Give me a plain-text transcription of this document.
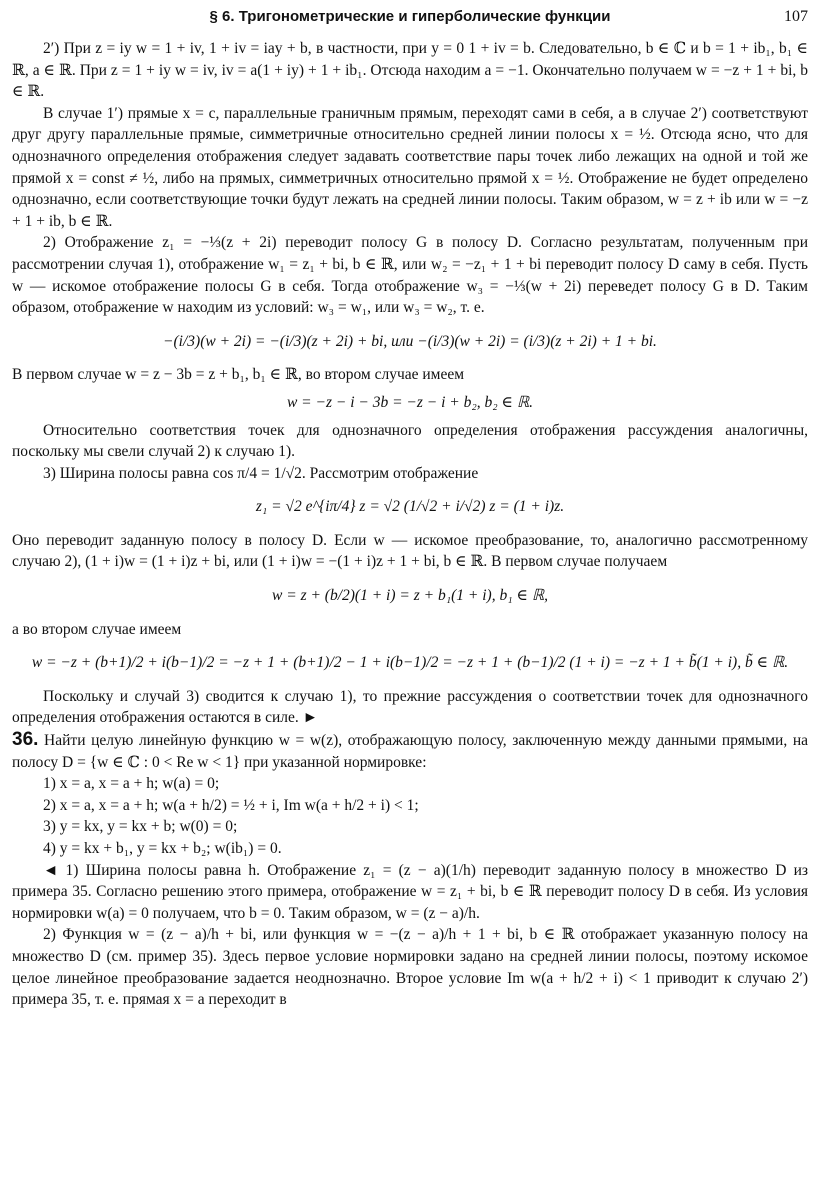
§ 6. Тригонометрические и гиперболические функции	107

2′) При z = iy w = 1 + iv, 1 + iv = iay + b, в частности, при y = 0 1 + iv = b. Следовательно, b ∈ ℂ и b = 1 + ib₁, b₁ ∈ ℝ, a ∈ ℝ. При z = 1 + iy w = iv, iv = a(1 + iy) + 1 + ib₁. Отсюда находим a = −1. Окончательно получаем w = −z + 1 + bi, b ∈ ℝ.

В случае 1′) прямые x = c, параллельные граничным прямым, переходят сами в себя, а в случае 2′) соответствуют друг другу параллельные прямые, симметричные относительно средней линии полосы x = ½. Отсюда ясно, что для однозначного определения отображения следует задавать соответствие пары точек либо лежащих на одной и той же прямой x = const ≠ ½, либо на прямых, симметричных относительно прямой x = ½. Отображение не будет определено однозначно, если соответствующие точки будут лежать на средней линии полосы. Таким образом, w = z + ib или w = −z + 1 + ib, b ∈ ℝ.

2) Отображение z₁ = −⅓(z + 2i) переводит полосу G в полосу D. Согласно результатам, полученным при рассмотрении случая 1), отображение w₁ = z₁ + bi, b ∈ ℝ, или w₂ = −z₁ + 1 + bi переводит полосу D саму в себя. Пусть w — искомое отображение полосы G в себя. Тогда отображение w₃ = −⅓(w + 2i) переведет полосу G в D. Таким образом, отображение w находим из условий: w₃ = w₁, или w₃ = w₂, т. е.

−(i/3)(w + 2i) = −(i/3)(z + 2i) + bi, или −(i/3)(w + 2i) = (i/3)(z + 2i) + 1 + bi.

В первом случае w = z − 3b = z + b₁, b₁ ∈ ℝ, во втором случае имеем

w = −z − i − 3b = −z − i + b₂, b₂ ∈ ℝ.

Относительно соответствия точек для однозначного определения отображения рассуждения аналогичны, поскольку мы свели случай 2) к случаю 1).

3) Ширина полосы равна cos π/4 = 1/√2. Рассмотрим отображение

z₁ = √2 e^{iπ/4} z = √2 (1/√2 + i/√2) z = (1 + i)z.

Оно переводит заданную полосу в полосу D. Если w — искомое преобразование, то, аналогично рассмотренному случаю 2), (1 + i)w = (1 + i)z + bi, или (1 + i)w = −(1 + i)z + 1 + bi, b ∈ ℝ. В первом случае получаем

w = z + (b/2)(1 + i) = z + b₁(1 + i), b₁ ∈ ℝ,

а во втором случае имеем

w = −z + (b+1)/2 + i(b−1)/2 = −z + 1 + (b+1)/2 − 1 + i(b−1)/2 = −z + 1 + (b−1)/2 (1 + i) = −z + 1 + b̃(1 + i), b̃ ∈ ℝ.

Поскольку и случай 3) сводится к случаю 1), то прежние рассуждения о соответствии точек для однозначного определения отображения остаются в силе. ►

36. Найти целую линейную функцию w = w(z), отображающую полосу, заключенную между данными прямыми, на полосу D = {w ∈ ℂ : 0 < Re w < 1} при указанной нормировке:

1) x = a, x = a + h; w(a) = 0;

2) x = a, x = a + h; w(a + h/2) = ½ + i, Im w(a + h/2 + i) < 1;

3) y = kx, y = kx + b; w(0) = 0;

4) y = kx + b₁, y = kx + b₂; w(ib₁) = 0.

◄ 1) Ширина полосы равна h. Отображение z₁ = (z − a)(1/h) переводит заданную полосу в множество D из примера 35. Согласно решению этого примера, отображение w = z₁ + bi, b ∈ ℝ переводит полосу D в себя. Из условия нормировки w(a) = 0 получаем, что b = 0. Таким образом, w = (z − a)/h.

2) Функция w = (z − a)/h + bi, или функция w = −(z − a)/h + 1 + bi, b ∈ ℝ отображает указанную полосу на множество D (см. пример 35). Здесь первое условие нормировки задано на средней линии полосы, поэтому искомое целое линейное преобразование задается неоднозначно. Второе условие Im w(a + h/2 + i) < 1 приводит к случаю 2′) примера 35, т. е. прямая x = a переходит в
